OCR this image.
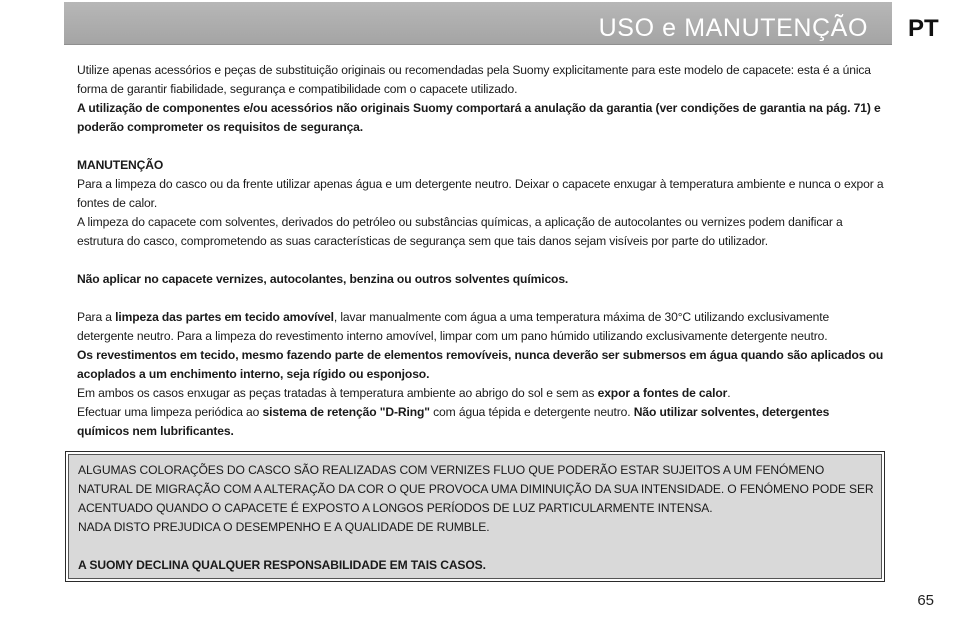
USO e MANUTENÇÃO PT

Utilize apenas acessórios e peças de substituição originais ou recomendadas pela Suomy explicitamente para este modelo de capacete: esta é a única forma de garantir fiabilidade, segurança e compatibilidade com o capacete utilizado.

A utilização de componentes e/ou acessórios não originais Suomy comportará a anulação da garantia (ver condições de garantia na pág. 71) e poderão comprometer os requisitos de segurança.

MANUTENÇÃO

Para a limpeza do casco ou da frente utilizar apenas água e um detergente neutro. Deixar o capacete enxugar à temperatura ambiente e nunca o expor a fontes de calor.

A limpeza do capacete com solventes, derivados do petróleo ou substâncias químicas, a aplicação de autocolantes ou vernizes podem danificar a estrutura do casco, comprometendo as suas características de segurança sem que tais danos sejam visíveis por parte do utilizador.

Não aplicar no capacete vernizes, autocolantes, benzina ou outros solventes químicos.

Para a limpeza das partes em tecido amovível, lavar manualmente com água a uma temperatura máxima de 30°C utilizando exclusivamente detergente neutro. Para a limpeza do revestimento interno amovível, limpar com um pano húmido utilizando exclusivamente detergente neutro.

Os revestimentos em tecido, mesmo fazendo parte de elementos removíveis, nunca deverão ser submersos em água quando são aplicados ou acoplados a um enchimento interno, seja rígido ou esponjoso.

Em ambos os casos enxugar as peças tratadas à temperatura ambiente ao abrigo do sol e sem as expor a fontes de calor.

Efectuar uma limpeza periódica ao sistema de retenção "D-Ring" com água tépida e detergente neutro. Não utilizar solventes, detergentes químicos nem lubrificantes.

ALGUMAS COLORAÇÕES DO CASCO SÃO REALIZADAS COM VERNIZES FLUO QUE PODERÃO ESTAR SUJEITOS A UM FENÓMENO NATURAL DE MIGRAÇÃO COM A ALTERAÇÃO DA COR O QUE PROVOCA UMA DIMINUIÇÃO DA SUA INTENSIDADE. O FENÓMENO PODE SER ACENTUADO QUANDO O CAPACETE É EXPOSTO A LONGOS PERÍODOS DE LUZ PARTICULARMENTE INTENSA.

NADA DISTO PREJUDICA O DESEMPENHO E A QUALIDADE DE RUMBLE.

A SUOMY DECLINA QUALQUER RESPONSABILIDADE EM TAIS CASOS.

65
